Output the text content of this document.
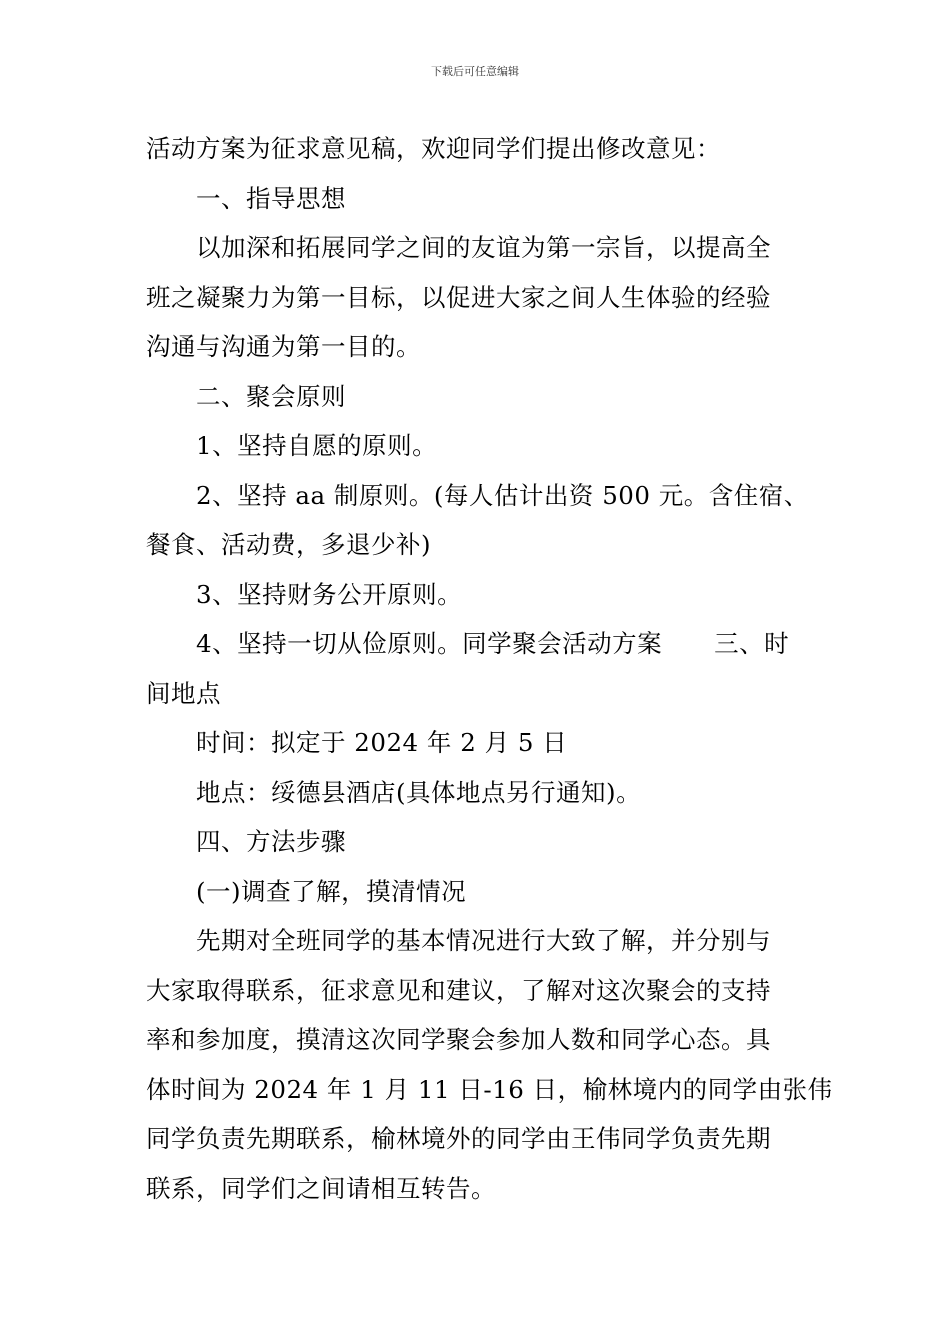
下载后可任意编辑
活动方案为征求意见稿，欢迎同学们提出修改意见：
一、指导思想
以加深和拓展同学之间的友谊为第一宗旨，以提高全
班之凝聚力为第一目标，以促进大家之间人生体验的经验
沟通与沟通为第一目的。
二、聚会原则
1、坚持自愿的原则。
2、坚持 aa 制原则。(每人估计出资 500 元。含住宿、
餐食、活动费，多退少补)
3、坚持财务公开原则。
4、坚持一切从俭原则。同学聚会活动方案 三、时
间地点
时间：拟定于 2024 年 2 月 5 日
地点：绥德县酒店(具体地点另行通知)。
四、方法步骤
(一)调查了解，摸清情况
先期对全班同学的基本情况进行大致了解，并分别与
大家取得联系，征求意见和建议，了解对这次聚会的支持
率和参加度，摸清这次同学聚会参加人数和同学心态。具
体时间为 2024 年 1 月 11 日-16 日，榆林境内的同学由张伟
同学负责先期联系，榆林境外的同学由王伟同学负责先期
联系，同学们之间请相互转告。
